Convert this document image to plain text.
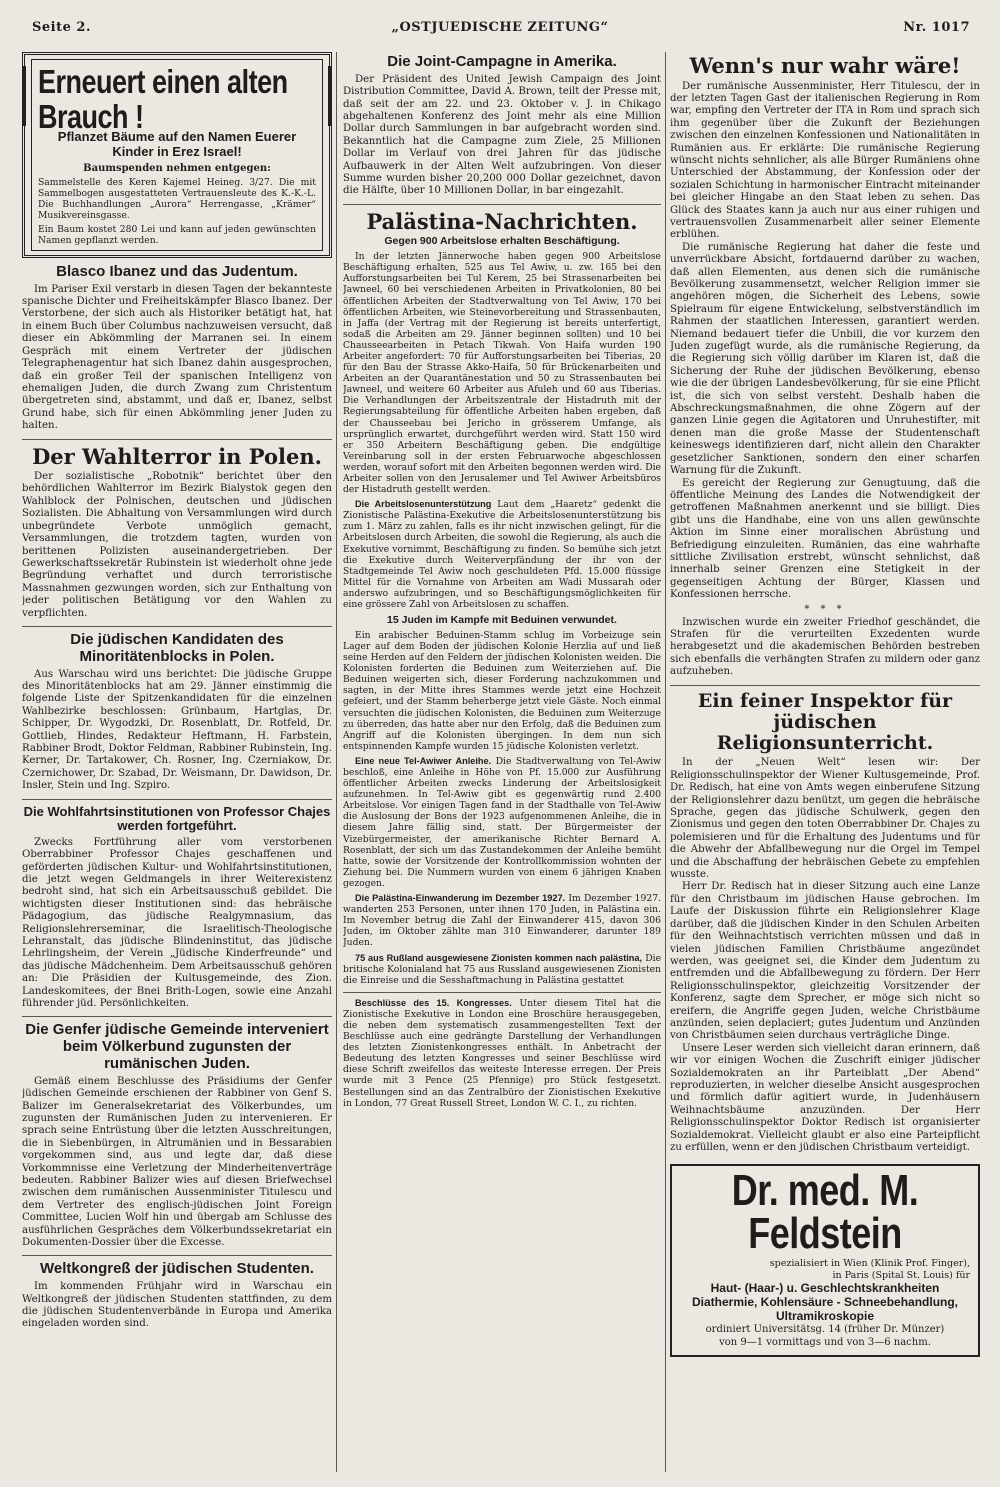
Seite 2.	„OSTJUEDISCHE ZEITUNG“	Nr. 1017
Erneuert einen alten Brauch !
Pflanzet Bäume auf den Namen Euerer Kinder in Erez Israel!
Baumspenden nehmen entgegen:
Sammelstelle des Keren Kajemel Heineg. 3/27. Die mit Sammelbogen ausgestatteten Vertrauensleute des K.-K.-L. Die Buchhandlungen „Aurora“ Herrengasse, „Krämer“ Musikvereinsgasse.
Ein Baum kostet 280 Lei und kann auf jeden gewünschten Namen gepflanzt werden.
Blasco Ibanez und das Judentum.

Im Pariser Exil verstarb in diesen Tagen der bekannteste spanische Dichter und Freiheitskämpfer Blasco Ibanez. Der Verstorbene, der sich auch als Historiker betätigt hat, hat in einem Buch über Columbus nachzuweisen versucht, daß dieser ein Abkömmling der Marranen sei. In einem Gespräch mit einem Vertreter der jüdischen Telegraphenagentur hat sich Ibanez dahin ausgesprochen, daß ein großer Teil der spanischen Intelligenz von ehemaligen Juden, die durch Zwang zum Christentum übergetreten sind, abstammt, und daß er, Ibanez, selbst Grund habe, sich für einen Abkömmling jener Juden zu halten.

Der Wahlterror in Polen.

Der sozialistische „Robotnik“ berichtet über den behördlichen Wahlterror im Bezirk Bialystok gegen den Wahlblock der Polnischen, deutschen und jüdischen Sozialisten. Die Abhaltung von Versammlungen wird durch unbegründete Verbote unmöglich gemacht, Versammlungen, die trotzdem tagten, wurden von berittenen Polizisten auseinandergetrieben. Der Gewerkschaftssekretär Rubinstein ist wiederholt ohne jede Begründung verhaftet und durch terroristische Massnahmen gezwungen worden, sich zur Enthaltung von jeder politischen Betätigung vor den Wahlen zu verpflichten.

Die jüdischen Kandidaten des Minoritätenblocks in Polen.

Aus Warschau wird uns berichtet: Die jüdische Gruppe des Minoritätenblocks hat am 29. Jänner einstimmig die folgende Liste der Spitzenkandidaten für die einzelnen Wahlbezirke beschlossen: Grünbaum, Hartglas, Dr. Schipper, Dr. Wygodzki, Dr. Rosenblatt, Dr. Rotfeld, Dr. Gottlieb, Hindes, Redakteur Heftmann, H. Farbstein, Rabbiner Brodt, Doktor Feldman, Rabbiner Rubinstein, Ing. Kerner, Dr. Tartakower, Ch. Rosner, Ing. Czerniakow, Dr. Czernichower, Dr. Szabad, Dr. Weismann, Dr. Dawidson, Dr. Insler, Stein und Ing. Szpiro.

Die Wohlfahrtsinstitutionen von Professor Chajes werden fortgeführt.

Zwecks Fortführung aller vom verstorbenen Oberrabbiner Professor Chajes geschaffenen und geförderten jüdischen Kultur- und Wohlfahrtsinstitutionen, die jetzt wegen Geldmangels in ihrer Weiterexistenz bedroht sind, hat sich ein Arbeitsausschuß gebildet. Die wichtigsten dieser Institutionen sind: das hebräische Pädagogium, das jüdische Realgymnasium, das Religionslehrerseminar, die Israelitisch-Theologische Lehranstalt, das jüdische Blindeninstitut, das jüdische Lehrlingsheim, der Verein „Jüdische Kinderfreunde“ und das jüdische Mädchenheim. Dem Arbeitsausschuß gehören an: Die Präsidien der Kultusgemeinde, des Zion. Landeskomitees, der Bnei Brith-Logen, sowie eine Anzahl führender jüd. Persönlichkeiten.

Die Genfer jüdische Gemeinde interveniert beim Völkerbund zugunsten der rumänischen Juden.

Gemäß einem Beschlusse des Präsidiums der Genfer jüdischen Gemeinde erschienen der Rabbiner von Genf S. Balizer im Generalsekretariat des Völkerbundes, um zugunsten der Rumänischen Juden zu intervenieren. Er sprach seine Entrüstung über die letzten Ausschreitungen, die in Siebenbürgen, in Altrumänien und in Bessarabien vorgekommen sind, aus und legte dar, daß diese Vorkommnisse eine Verletzung der Minderheitenverträge bedeuten. Rabbiner Balizer wies auf diesen Briefwechsel zwischen dem rumänischen Aussenminister Titulescu und dem Vertreter des englisch-jüdischen Joint Foreign Committee, Lucien Wolf hin und übergab am Schlusse des ausführlichen Gespräches dem Völkerbundssekretariat ein Dokumenten-Dossier über die Excesse.

Weltkongreß der jüdischen Studenten.

Im kommenden Frühjahr wird in Warschau ein Weltkongreß der jüdischen Studenten stattfinden, zu dem die jüdischen Studentenverbände in Europa und Amerika eingeladen worden sind.

Die Joint-Campagne in Amerika.

Der Präsident des United Jewish Campaign des Joint Distribution Committee, David A. Brown, teilt der Presse mit, daß seit der am 22. und 23. Oktober v. J. in Chikago abgehaltenen Konferenz des Joint mehr als eine Million Dollar durch Sammlungen in bar aufgebracht worden sind. Bekanntlich hat die Campagne zum Ziele, 25 Millionen Dollar im Verlauf von drei Jahren für das jüdische Aufbauwerk in der Alten Welt aufzubringen. Von dieser Summe wurden bisher 20,200 000 Dollar gezeichnet, davon die Hälfte, über 10 Millionen Dollar, in bar eingezahlt.

Palästina-Nachrichten.
Gegen 900 Arbeitslose erhalten Beschäftigung.

In der letzten Jännerwoche haben gegen 900 Arbeitslose Beschäftigung erhalten, 525 aus Tel Awiw, u. zw. 165 bei den Aufforstungsarbeiten bei Tul Kerem, 25 bei Strassenarbeiten bei Jawneel, 60 bei verschiedenen Arbeiten in Privatkolonien, 80 bei öffentlichen Arbeiten der Stadtverwaltung von Tel Awiw, 170 bei öffentlichen Arbeiten, wie Steinevorbereitung und Strassenbauten, in Jaffa (der Vertrag mit der Regierung ist bereits unterfertigt, sodaß die Arbeiten am 29. Jänner beginnen sollten) und 10 bei Chausseearbeiten in Petach Tikwah. Von Haifa wurden 190 Arbeiter angefordert: 70 für Aufforstungsarbeiten bei Tiberias, 20 für den Bau der Strasse Akko-Haifa, 50 für Brückenarbeiten und Arbeiten an der Quarantänestation und 50 zu Strassenbauten bei Jawneel, und weitere 60 Arbeiter aus Afuleh und 60 aus Tiberias. Die Verhandlungen der Arbeitszentrale der Histadruth mit der Regierungsabteilung für öffentliche Arbeiten haben ergeben, daß der Chausseebau bei Jericho in grösserem Umfange, als ursprünglich erwartet, durchgeführt werden wird. Statt 150 wird er 350 Arbeitern Beschäftigung geben. Die endgültige Vereinbarung soll in der ersten Februarwoche abgeschlossen werden, worauf sofort mit den Arbeiten begonnen werden wird. Die Arbeiter sollen von den Jerusalemer und Tel Awiwer Arbeitsbüros der Histadruth gestellt werden.

Die Arbeitslosenunterstützung Laut dem „Haaretz“ gedenkt die Zionistische Palästina-Exekutive die Arbeitslosenunterstützung bis zum 1. März zu zahlen, falls es ihr nicht inzwischen gelingt, für die Arbeitslosen durch Arbeiten, die sowohl die Regierung, als auch die Exekutive vornimmt, Beschäftigung zu finden. So bemühe sich jetzt die Exekutive durch Weiterverpfändung der ihr von der Stadtgemeinde Tel Awiw noch geschuldeten Pfd. 15.000 flüssige Mittel für die Vornahme von Arbeiten am Wadi Mussarah oder anderswo aufzubringen, und so Beschäftigungsmöglichkeiten für eine grössere Zahl von Arbeitslosen zu schaffen.

15 Juden im Kampfe mit Beduinen verwundet.

Ein arabischer Beduinen-Stamm schlug im Vorbeizuge sein Lager auf dem Boden der jüdischen Kolonie Herzlia auf und ließ seine Herden auf den Feldern der jüdischen Kolonisten weiden. Die Kolonisten forderten die Beduinen zum Weiterziehen auf. Die Beduinen weigerten sich, dieser Forderung nachzukommen und sagten, in der Mitte ihres Stammes werde jetzt eine Hochzeit gefeiert, und der Stamm beherberge jetzt viele Gäste. Noch einmal versuchten die jüdischen Kolonisten, die Beduinen zum Weiterzuge zu überreden, das hatte aber nur den Erfolg, daß die Beduinen zum Angriff auf die Kolonisten übergingen. In dem nun sich entspinnenden Kampfe wurden 15 jüdische Kolonisten verletzt.

Eine neue Tel-Awiwer Anleihe. Die Stadtverwaltung von Tel-Awiw beschloß, eine Anleihe in Höhe von Pf. 15.000 zur Ausführung öffentlicher Arbeiten zwecks Linderung der Arbeitslosigkeit aufzunehmen. In Tel-Awiw gibt es gegenwärtig rund 2.400 Arbeitslose. Vor einigen Tagen fand in der Stadthalle von Tel-Awiw die Auslosung der Bons der 1923 aufgenommenen Anleihe, die in diesem Jahre fällig sind, statt. Der Bürgermeister der Vizebürgermeister, der amerikanische Richter Bernard A. Rosenblatt, der sich um das Zustandekommen der Anleihe bemüht hatte, sowie der Vorsitzende der Kontrollkommission wohnten der Ziehung bei. Die Nummern wurden von einem 6 jährigen Knaben gezogen.

Die Palästina-Einwanderung im Dezember 1927. Im Dezember 1927. wanderten 253 Personen, unter ihnen 170 Juden, in Palästina ein. Im November betrug die Zahl der Einwanderer 415, davon 306 Juden, im Oktober zählte man 310 Einwanderer, darunter 189 Juden.

75 aus Rußland ausgewiesene Zionisten kommen nach palästina, Die britische Kolonialand hat 75 aus Russland ausgewiesenen Zionisten die Einreise und die Sesshaftmachung in Palästina gestattet

Beschlüsse des 15. Kongresses. Unter diesem Titel hat die Zionistische Exekutive in London eine Broschüre herausgegeben, die neben dem systematisch zusammengestellten Text der Beschlüsse auch eine gedrängte Darstellung der Verhandlungen des letzten Zionistenkongresses enthält. In Anbetracht der Bedeutung des letzten Kongresses und seiner Beschlüsse wird diese Schrift zweifellos das weiteste Interesse erregen. Der Preis wurde mit 3 Pence (25 Pfennige) pro Stück festgesetzt. Bestellungen sind an das Zentralbüro der Zionistischen Exekutive in London, 77 Great Russell Street, London W. C. I., zu richten.

Wenn's nur wahr wäre!

Der rumänische Aussenminister, Herr Titulescu, der in der letzten Tagen Gast der italienischen Regierung in Rom war, empfing den Vertreter der ITA in Rom und sprach sich ihm gegenüber über die Zukunft der Beziehungen zwischen den einzelnen Konfessionen und Nationalitäten in Rumänien aus. Er erklärte: Die rumänische Regierung wünscht nichts sehnlicher, als alle Bürger Rumäniens ohne Unterschied der Abstammung, der Konfession oder der sozialen Schichtung in harmonischer Eintracht miteinander bei gleicher Hingabe an den Staat leben zu sehen. Das Glück des Staates kann ja auch nur aus einer ruhigen und vertrauensvollen Zusammenarbeit aller seiner Elemente erblühen.

Die rumänische Regierung hat daher die feste und unverrückbare Absicht, fortdauernd darüber zu wachen, daß allen Elementen, aus denen sich die rumänische Bevölkerung zusammensetzt, welcher Religion immer sie angehören mögen, die Sicherheit des Lebens, sowie Spielraum für eigene Entwickelung, selbstverständlich im Rahmen der staatlichen Interessen, garantiert werden. Niemand bedauert tiefer die Unbill, die vor kurzem den Juden zugefügt wurde, als die rumänische Regierung, da die Regierung sich völlig darüber im Klaren ist, daß die Sicherung der Ruhe der jüdischen Bevölkerung, ebenso wie die der übrigen Landesbevölkerung, für sie eine Pflicht ist, die sich von selbst versteht. Deshalb haben die Abschreckungsmaßnahmen, die ohne Zögern auf der ganzen Linie gegen die Agitatoren und Unruhestifter, mit denen man die große Masse der Studentenschaft keineswegs identifizieren darf, nicht allein den Charakter gesetzlicher Sanktionen, sondern den einer scharfen Warnung für die Zukunft.

Es gereicht der Regierung zur Genugtuung, daß die öffentliche Meinung des Landes die Notwendigkeit der getroffenen Maßnahmen anerkennt und sie billigt. Dies gibt uns die Handhabe, eine von uns allen gewünschte Aktion im Sinne einer moralischen Abrüstung und Befriedigung einzuleiten. Rumänien, das eine wahrhafte sittliche Zivilisation erstrebt, wünscht sehnlichst, daß innerhalb seiner Grenzen eine Stetigkeit in der gegenseitigen Achtung der Bürger, Klassen und Konfessionen herrsche.

* * *

Inzwischen wurde ein zweiter Friedhof geschändet, die Strafen für die verurteilten Exzedenten wurde herabgesetzt und die akademischen Behörden bestreben sich ebenfalls die verhängten Strafen zu mildern oder ganz aufzuheben.

Ein feiner Inspektor für jüdischen Religionsunterricht.

In der „Neuen Welt“ lesen wir: Der Religionsschulinspektor der Wiener Kultusgemeinde, Prof. Dr. Redisch, hat eine von Amts wegen einberufene Sitzung der Religionslehrer dazu benützt, um gegen die hebräische Sprache, gegen das jüdische Schulwerk, gegen den Zionismus und gegen den toten Oberrabbiner Dr. Chajes zu polemisieren und für die Erhaltung des Judentums und für die Abwehr der Abfallbewegung nur die Orgel im Tempel und die Abschaffung der hebräischen Gebete zu empfehlen wusste.

Herr Dr. Redisch hat in dieser Sitzung auch eine Lanze für den Christbaum im jüdischen Hause gebrochen. Im Laufe der Diskussion führte ein Religionslehrer Klage darüber, daß die jüdischen Kinder in den Schulen Arbeiten für den Weihnachtstisch verrichten müssen und daß in vielen jüdischen Familien Christbäume angezündet werden, was geeignet sei, die Kinder dem Judentum zu entfremden und die Abfallbewegung zu fördern. Der Herr Religionsschulinspektor, gleichzeitig Vorsitzender der Konferenz, sagte dem Sprecher, er möge sich nicht so ereifern, die Angriffe gegen Juden, welche Christbäume anzünden, seien deplaciert; gutes Judentum und Anzünden von Christbäumen seien durchaus verträgliche Dinge.

Unsere Leser werden sich vielleicht daran erinnern, daß wir vor einigen Wochen die Zuschrift einiger jüdischer Sozialdemokraten an ihr Parteiblatt „Der Abend“ reproduzierten, in welcher dieselbe Ansicht ausgesprochen und förmlich dafür agitiert wurde, in Judenhäusern Weihnachtsbäume anzuzünden. Der Herr Religionsschulinspektor Doktor Redisch ist organisierter Sozialdemokrat. Vielleicht glaubt er also eine Parteipflicht zu erfüllen, wenn er den jüdischen Christbaum verteidigt.

Dr. med. M. Feldstein
spezialisiert in Wien (Klinik Prof. Finger),
in Paris (Spital St. Louis) für
Haut- (Haar-) u. Geschlechtskrankheiten Diathermie, Kohlensäure - Schneebehandlung, Ultramikroskopie
ordiniert Universitätsg. 14 (früher Dr. Münzer)
von 9—1 vormittags und von 3—6 nachm.
